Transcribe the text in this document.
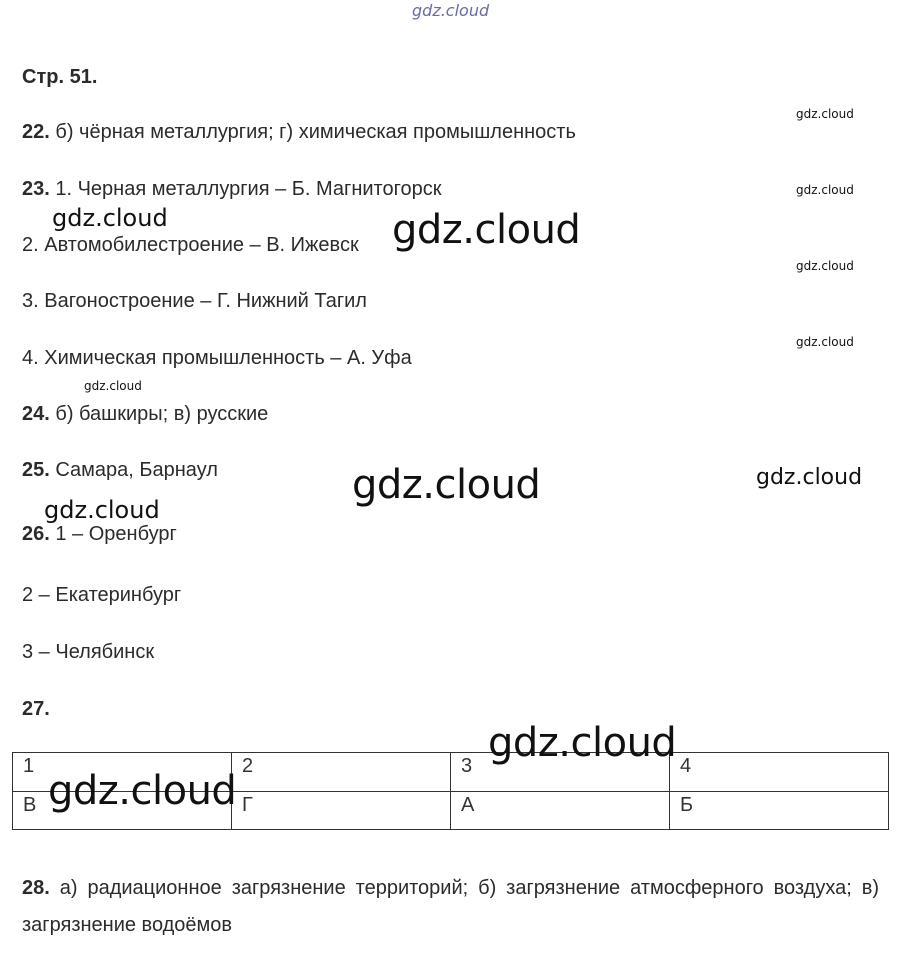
gdz.cloud
Стр. 51.
22. б) чёрная металлургия; г) химическая промышленность
23. 1. Черная металлургия – Б. Магнитогорск
2. Автомобилестроение – В. Ижевск
3. Вагоностроение – Г. Нижний Тагил
4. Химическая промышленность – А. Уфа
24. б) башкиры; в) русские
25. Самара, Барнаул
26. 1 – Оренбург
2 – Екатеринбург
3 – Челябинск
27.
1	2	3	4
В	Г	А	Б
28. а) радиационное загрязнение территорий; б) загрязнение атмосферного воздуха; в) загрязнение водоёмов
gdz.cloud
gdz.cloud
gdz.cloud
gdz.cloud
gdz.cloud
gdz.cloud
gdz.cloud
gdz.cloud
gdz.cloud
gdz.cloud
gdz.cloud
gdz.cloud
